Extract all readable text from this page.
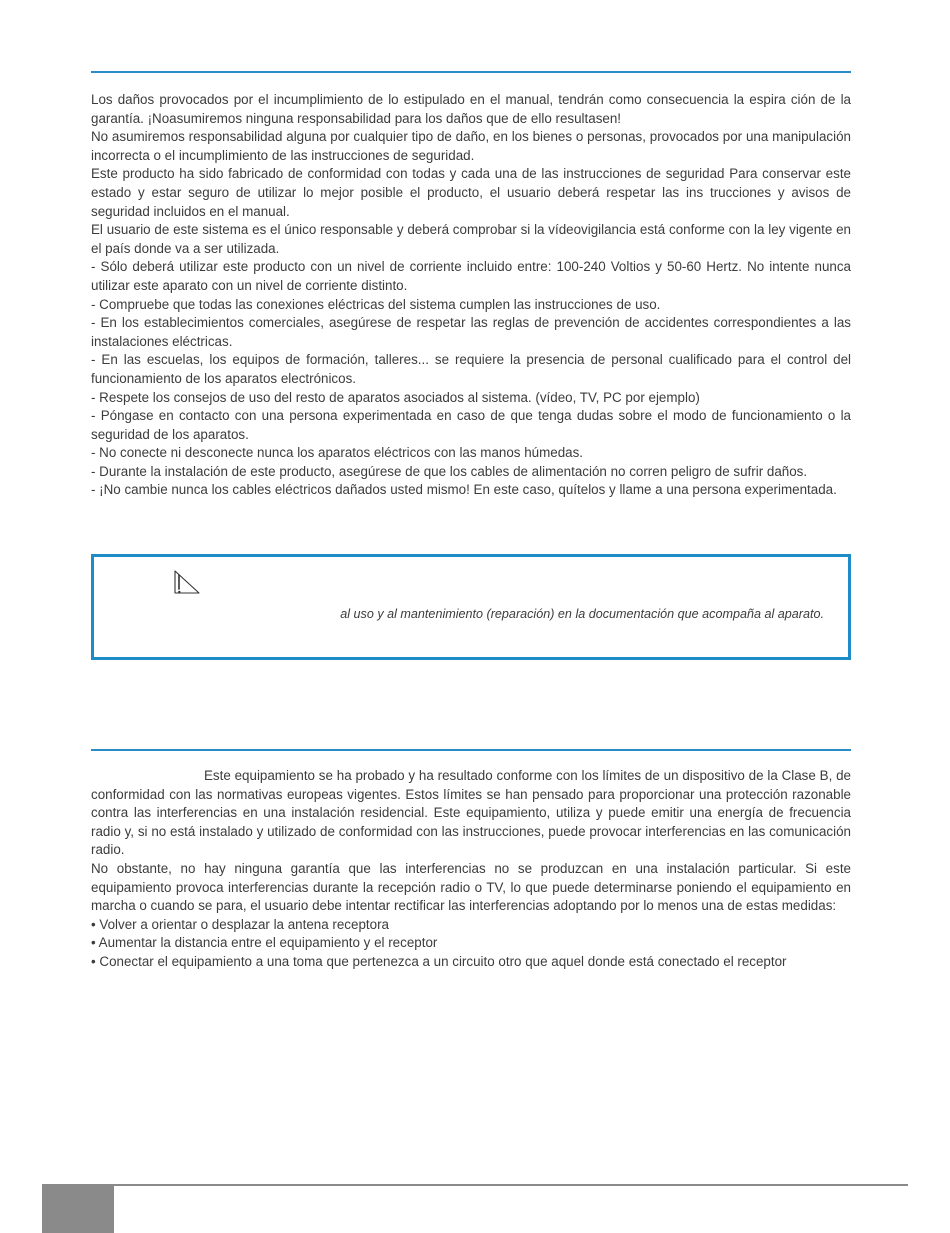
Los daños provocados por el incumplimiento de lo estipulado en el manual, tendrán como consecuencia la espira ción de la garantía. ¡Noasumiremos ninguna responsabilidad para los daños que de ello resultasen!

No asumiremos responsabilidad alguna por cualquier tipo de daño, en los bienes o personas, provocados por una manipulación incorrecta o el incumplimiento de las instrucciones de seguridad.

Este producto ha sido fabricado de conformidad con todas y cada una de las instrucciones de seguridad Para conservar este estado y estar seguro de utilizar lo mejor posible el producto, el usuario deberá respetar las ins trucciones y avisos de seguridad incluidos en el manual.

El usuario de este sistema es el único responsable y deberá comprobar si la vídeovigilancia está conforme con la ley vigente en el país donde va a ser utilizada.

- Sólo deberá utilizar este producto con un nivel de corriente incluido entre: 100-240 Voltios y 50-60 Hertz. No intente nunca utilizar este aparato con un nivel de corriente distinto.

- Compruebe que todas las conexiones eléctricas del sistema cumplen las instrucciones de uso.

- En los establecimientos comerciales, asegúrese de respetar las reglas de prevención de accidentes correspondientes a las instalaciones eléctricas.

- En las escuelas, los equipos de formación, talleres... se requiere la presencia de personal cualificado para el control del funcionamiento de los aparatos electrónicos.

- Respete los consejos de uso del resto de aparatos asociados al sistema. (vídeo, TV, PC por ejemplo)

- Póngase en contacto con una persona experimentada en caso de que tenga dudas sobre el modo de funcionamiento o la seguridad de los aparatos.

- No conecte ni desconecte nunca los aparatos eléctricos con las manos húmedas.

- Durante la instalación de este producto, asegúrese de que los cables de alimentación no corren peligro de sufrir daños.

- ¡No cambie nunca los cables eléctricos dañados usted mismo! En este caso, quítelos y llame a una persona experimentada.

al uso y al mantenimiento (reparación) en la documentación que acompaña al aparato.

Este equipamiento se ha probado y ha resultado conforme con los límites de un dispositivo de la Clase B, de conformidad con las normativas europeas vigentes. Estos límites se han pensado para proporcionar una protección razonable contra las interferencias en una instalación residencial. Este equipamiento, utiliza y puede emitir una energía de frecuencia radio y, si no está instalado y utilizado de conformidad con las instrucciones, puede provocar interferencias en las comunicación radio.

No obstante, no hay ninguna garantía que las interferencias no se produzcan en una instalación particular. Si este equipamiento provoca interferencias durante la recepción radio o TV, lo que puede determinarse poniendo el equipamiento en marcha o cuando se para, el usuario debe intentar rectificar las interferencias adoptando por lo menos una de estas medidas:

• Volver a orientar o desplazar la antena receptora

• Aumentar la distancia entre el equipamiento y el receptor

• Conectar el equipamiento a una toma que pertenezca a un circuito otro que aquel donde está conectado el receptor
